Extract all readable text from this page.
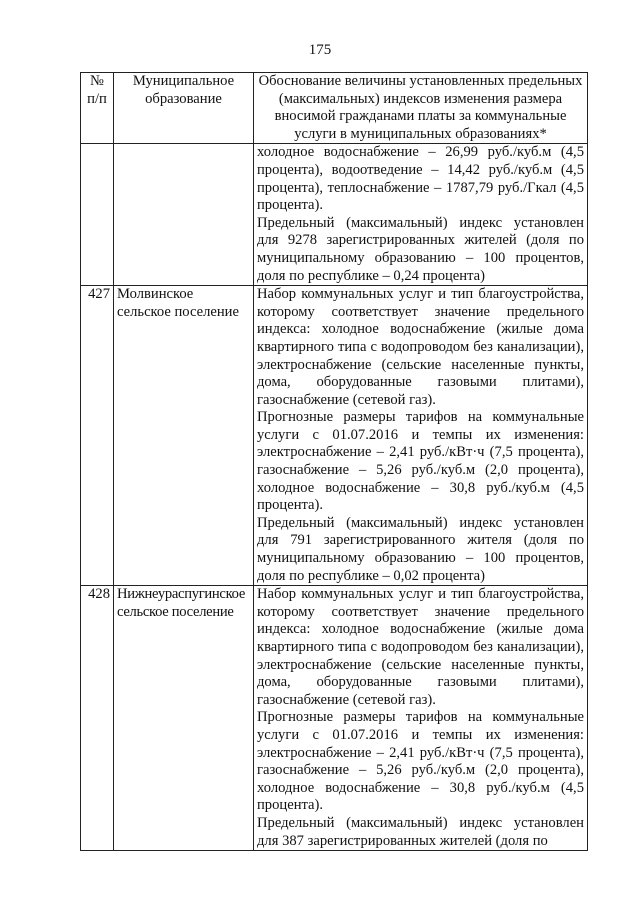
175
№ п/п	Муниципальное образование	Обоснование величины установленных предельных (максимальных) индексов изменения размера вносимой гражданами платы за коммунальные услуги в муниципальных образованиях*

		холодное водоснабжение – 26,99 руб./куб.м (4,5 процента), водоотведение – 14,42 руб./куб.м (4,5 процента), теплоснабжение – 1787,79 руб./Гкал (4,5 процента).
Предельный (максимальный) индекс установлен для 9278 зарегистрированных жителей (доля по муниципальному образованию – 100 процентов, доля по республике – 0,24 процента)

427	Молвинское сельское поселение	Набор коммунальных услуг и тип благоустройства, которому соответствует значение предельного индекса: холодное водоснабжение (жилые дома квартирного типа с водопроводом без канализации), электроснабжение (сельские населенные пункты, дома, оборудованные газовыми плитами), газоснабжение (сетевой газ).
Прогнозные размеры тарифов на коммунальные услуги с 01.07.2016 и темпы их изменения: электроснабжение – 2,41 руб./кВт·ч (7,5 процента), газоснабжение – 5,26 руб./куб.м (2,0 процента), холодное водоснабжение – 30,8 руб./куб.м (4,5 процента).
Предельный (максимальный) индекс установлен для 791 зарегистрированного жителя (доля по муниципальному образованию – 100 процентов, доля по республике – 0,02 процента)

428	Нижнеураспугинское сельское поселение	Набор коммунальных услуг и тип благоустройства, которому соответствует значение предельного индекса: холодное водоснабжение (жилые дома квартирного типа с водопроводом без канализации), электроснабжение (сельские населенные пункты, дома, оборудованные газовыми плитами), газоснабжение (сетевой газ).
Прогнозные размеры тарифов на коммунальные услуги с 01.07.2016 и темпы их изменения: электроснабжение – 2,41 руб./кВт·ч (7,5 процента), газоснабжение – 5,26 руб./куб.м (2,0 процента), холодное водоснабжение – 30,8 руб./куб.м (4,5 процента).
Предельный (максимальный) индекс установлен для 387 зарегистрированных жителей (доля по
